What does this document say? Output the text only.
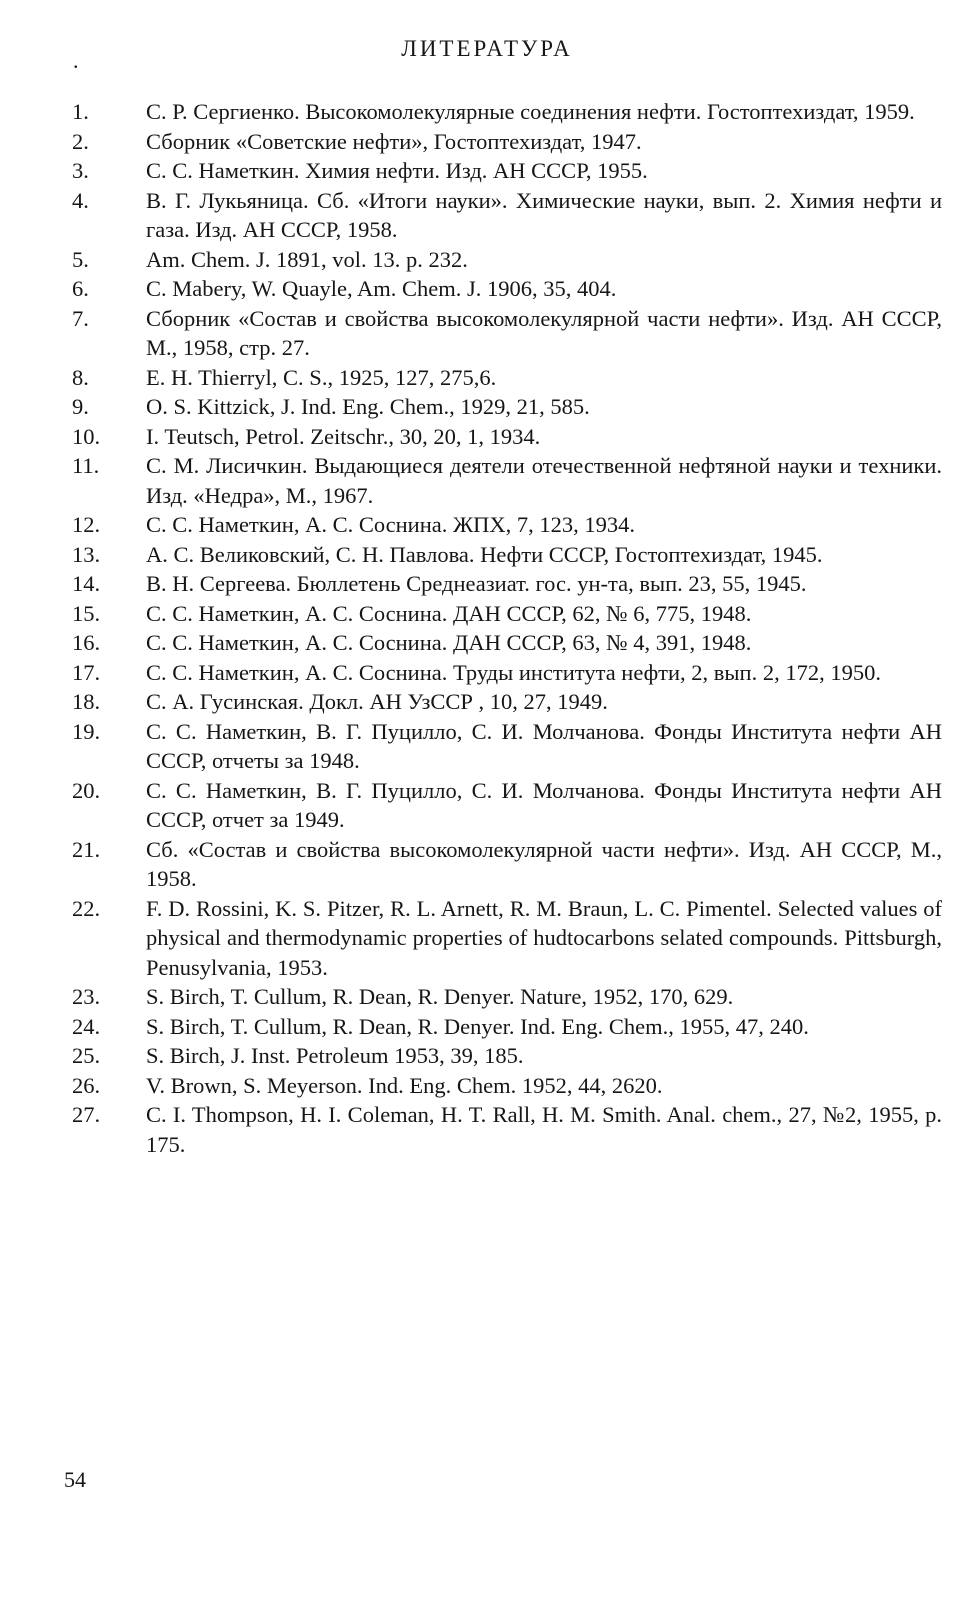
ЛИТЕРАТУРА
.
1.	С. Р. Сергиенко. Высокомолекулярные соединения нефти. Гостоптехиздат, 1959.
2.	Сборник «Советские нефти», Гостоптехиздат, 1947.
3.	С. С. Наметкин. Химия нефти. Изд. АН СССР, 1955.
4.	В. Г. Лукьяница. Сб. «Итоги науки». Химические науки, вып. 2. Химия нефти и газа. Изд. АН СССР, 1958.
5.	Am. Chem. J. 1891, vol. 13. p. 232.
6.	C. Mabery, W. Quayle, Am. Chem. J. 1906, 35, 404.
7.	Сборник «Состав и свойства высокомолекулярной части нефти». Изд. АН СССР, М., 1958, стр. 27.
8.	E. H. Thierryl, C. S., 1925, 127, 275,6.
9.	O. S. Kittzick, J. Ind. Eng. Chem., 1929, 21, 585.
10.	I. Teutsch, Petrol. Zeitschr., 30, 20, 1, 1934.
11.	С. М. Лисичкин. Выдающиеся деятели отечественной нефтяной науки и техники. Изд. «Недра», М., 1967.
12.	С. С. Наметкин, А. С. Соснина. ЖПХ, 7, 123, 1934.
13.	А. С. Великовский, С. Н. Павлова. Нефти СССР, Гостоптехиздат, 1945.
14.	В. Н. Сергеева. Бюллетень Среднеазиат. гос. ун-та, вып. 23, 55, 1945.
15.	С. С. Наметкин, А. С. Соснина. ДАН СССР, 62, № 6, 775, 1948.
16.	С. С. Наметкин, А. С. Соснина. ДАН СССР, 63, № 4, 391, 1948.
17.	С. С. Наметкин, А. С. Соснина. Труды института нефти, 2, вып. 2, 172, 1950.
18.	С. А. Гусинская. Докл. АН УзССР , 10, 27, 1949.
19.	С. С. Наметкин, В. Г. Пуцилло, С. И. Молчанова. Фонды Института нефти АН СССР, отчеты за 1948.
20.	С. С. Наметкин, В. Г. Пуцилло, С. И. Молчанова. Фонды Института нефти АН СССР, отчет за 1949.
21.	Сб. «Состав и свойства высокомолекулярной части нефти». Изд. АН СССР, М., 1958.
22.	F. D. Rossini, K. S. Pitzer, R. L. Arnett, R. M. Braun, L. C. Pimentel. Selected values of physical and thermodynamic properties of hudtocarbons selated compounds. Pittsburgh, Penusylvania, 1953.
23.	S. Birch, T. Cullum, R. Dean, R. Denyer. Nature, 1952, 170, 629.
24.	S. Birch, T. Cullum, R. Dean, R. Denyer. Ind. Eng. Chem., 1955, 47, 240.
25.	S. Birch, J. Inst. Petroleum 1953, 39, 185.
26.	V. Brown, S. Meyerson. Ind. Eng. Chem. 1952, 44, 2620.
27.	C. I. Thompson, H. I. Coleman, H. T. Rall, H. M. Smith. Anal. chem., 27, №2, 1955, p. 175.
54
